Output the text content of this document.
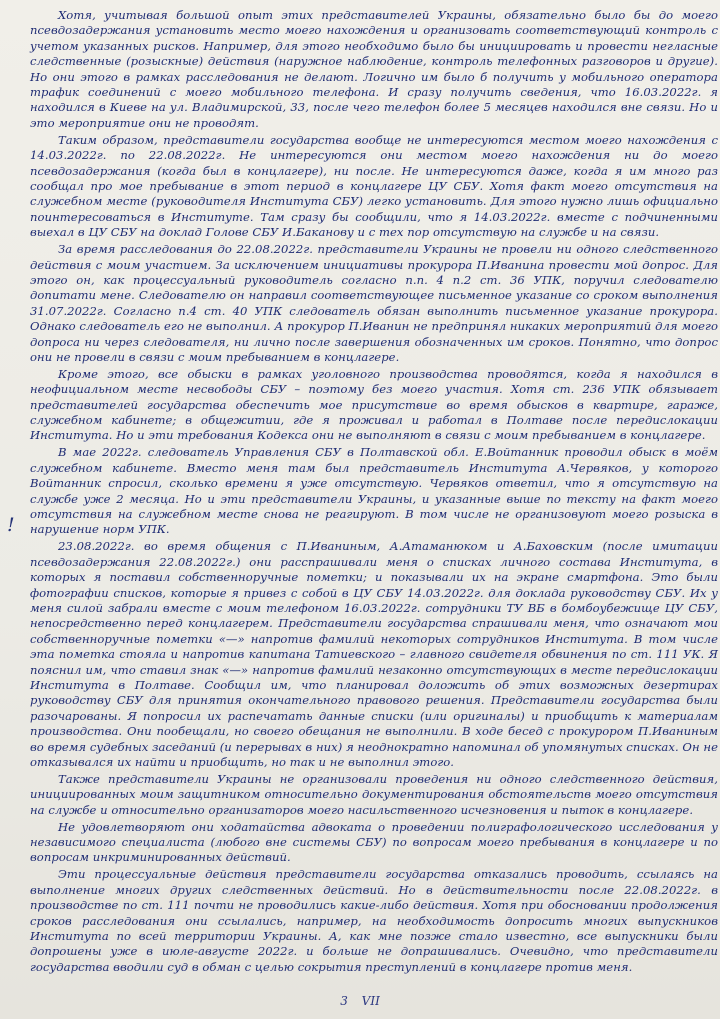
Хотя, учитывая большой опыт этих представителей Украины, обязательно было бы до моего псевдозадержания установить место моего нахождения и организовать соответствующий контроль с учетом указанных рисков. Например, для этого необходимо было бы инициировать и провести негласные следственные (розыскные) действия (наружное наблюдение, контроль телефонных разговоров и другие). Но они этого в рамках расследования не делают. Логично им было б получить у мобильного оператора трафик соединений с моего мобильного телефона. И сразу получить сведения, что 16.03.2022г. я находился в Киеве на ул. Владимирской, 33, после чего телефон более 5 месяцев находился вне связи. Но и это мероприятие они не проводят.

Таким образом, представители государства вообще не интересуются местом моего нахождения с 14.03.2022г. по 22.08.2022г. Не интересуются они местом моего нахождения ни до моего псевдозадержания (когда был в концлагере), ни после. Не интересуются даже, когда я им много раз сообщал про мое пребывание в этот период в концлагере ЦУ СБУ. Хотя факт моего отсутствия на служебном месте (руководителя Института СБУ) легко установить. Для этого нужно лишь официально поинтересоваться в Институте. Там сразу бы сообщили, что я 14.03.2022г. вместе с подчиненными выехал в ЦУ СБУ на доклад Голове СБУ И.Баканову и с тех пор отсутствую на службе и на связи.

За время расследования до 22.08.2022г. представители Украины не провели ни одного следственного действия с моим участием. За исключением инициативы прокурора П.Иванина провести мой допрос. Для этого он, как процессуальный руководитель согласно п.п. 4 п.2 ст. 36 УПК, поручил следователю допитати мене. Следователю он направил соответствующее письменное указание со сроком выполнения 31.07.2022г. Согласно п.4 ст. 40 УПК следователь обязан выполнить письменное указание прокурора. Однако следователь его не выполнил. А прокурор П.Иванин не предпринял никаких мероприятий для моего допроса ни через следователя, ни лично после завершения обозначенных им сроков. Понятно, что допрос они не провели в связи с моим пребыванием в концлагере.

Кроме этого, все обыски в рамках уголовного производства проводятся, когда я находился в неофициальном месте несвободы СБУ – поэтому без моего участия. Хотя ст. 236 УПК обязывает представителей государства обеспечить мое присутствие во время обысков в квартире, гараже, служебном кабинете; в общежитии, где я проживал и работал в Полтаве после передислокации Института. Но и эти требования Кодекса они не выполняют в связи с моим пребыванием в концлагере.

В мае 2022г. следователь Управления СБУ в Полтавской обл. Е.Войтанник проводил обыск в моём служебном кабинете. Вместо меня там был представитель Института А.Червяков, у которого Войтанник спросил, сколько времени я уже отсутствую. Червяков ответил, что я отсутствую на службе уже 2 месяца. Но и эти представители Украины, и указанные выше по тексту на факт моего отсутствия на служебном месте снова не реагируют. В том числе не организовуют моего розыска в нарушение норм УПК.

23.08.2022г. во время общения с П.Иваниным, А.Атаманюком и А.Баховским (после имитации псевдозадержания 22.08.2022г.) они расспрашивали меня о списках личного состава Института, в которых я поставил собственноручные пометки; и показывали их на экране смартфона. Это были фотографии списков, которые я привез с собой в ЦУ СБУ 14.03.2022г. для доклада руководству СБУ. Их у меня силой забрали вместе с моим телефоном 16.03.2022г. сотрудники ТУ ВБ в бомбоубежище ЦУ СБУ, непосредственно перед концлагерем. Представители государства спрашивали меня, что означают мои собственноручные пометки «—» напротив фамилий некоторых сотрудников Института. В том числе эта пометка стояла и напротив капитана Татиевского – главного свидетеля обвинения по ст. 111 УК. Я пояснил им, что ставил знак «—» напротив фамилий незаконно отсутствующих в месте передислокации Института в Полтаве. Сообщил им, что планировал доложить об этих возможных дезертирах руководству СБУ для принятия окончательного правового решения. Представители государства были разочарованы. Я попросил их распечатать данные списки (или оригиналы) и приобщить к материалам производства. Они пообещали, но своего обещания не выполнили. В ходе бесед с прокурором П.Иваниным во время судебных заседаний (и перерывах в них) я неоднократно напоминал об упомянутых списках. Он не отказывался их найти и приобщить, но так и не выполнил этого.

Также представители Украины не организовали проведения ни одного следственного действия, инициированных моим защитником относительно документирования обстоятельств моего отсутствия на службе и относительно организаторов моего насильственного исчезновения и пыток в концлагере.

Не удовлетворяют они ходатайства адвоката о проведении полиграфологического исследования у независимого специалиста (любого вне системы СБУ) по вопросам моего пребывания в концлагере и по вопросам инкриминированных действий.

Эти процессуальные действия представители государства отказались проводить, ссылаясь на выполнение многих других следственных действий. Но в действительности после 22.08.2022г. в производстве по ст. 111 почти не проводились какие-либо действия. Хотя при обосновании продолжения сроков расследования они ссылались, например, на необходимость допросить многих выпускников Института по всей территории Украины. А, как мне позже стало известно, все выпускники были допрошены уже в июле-августе 2022г. и больше не допрашивались. Очевидно, что представители государства вводили суд в обман с целью сокрытия преступлений в концлагере против меня.

!
3 VII
